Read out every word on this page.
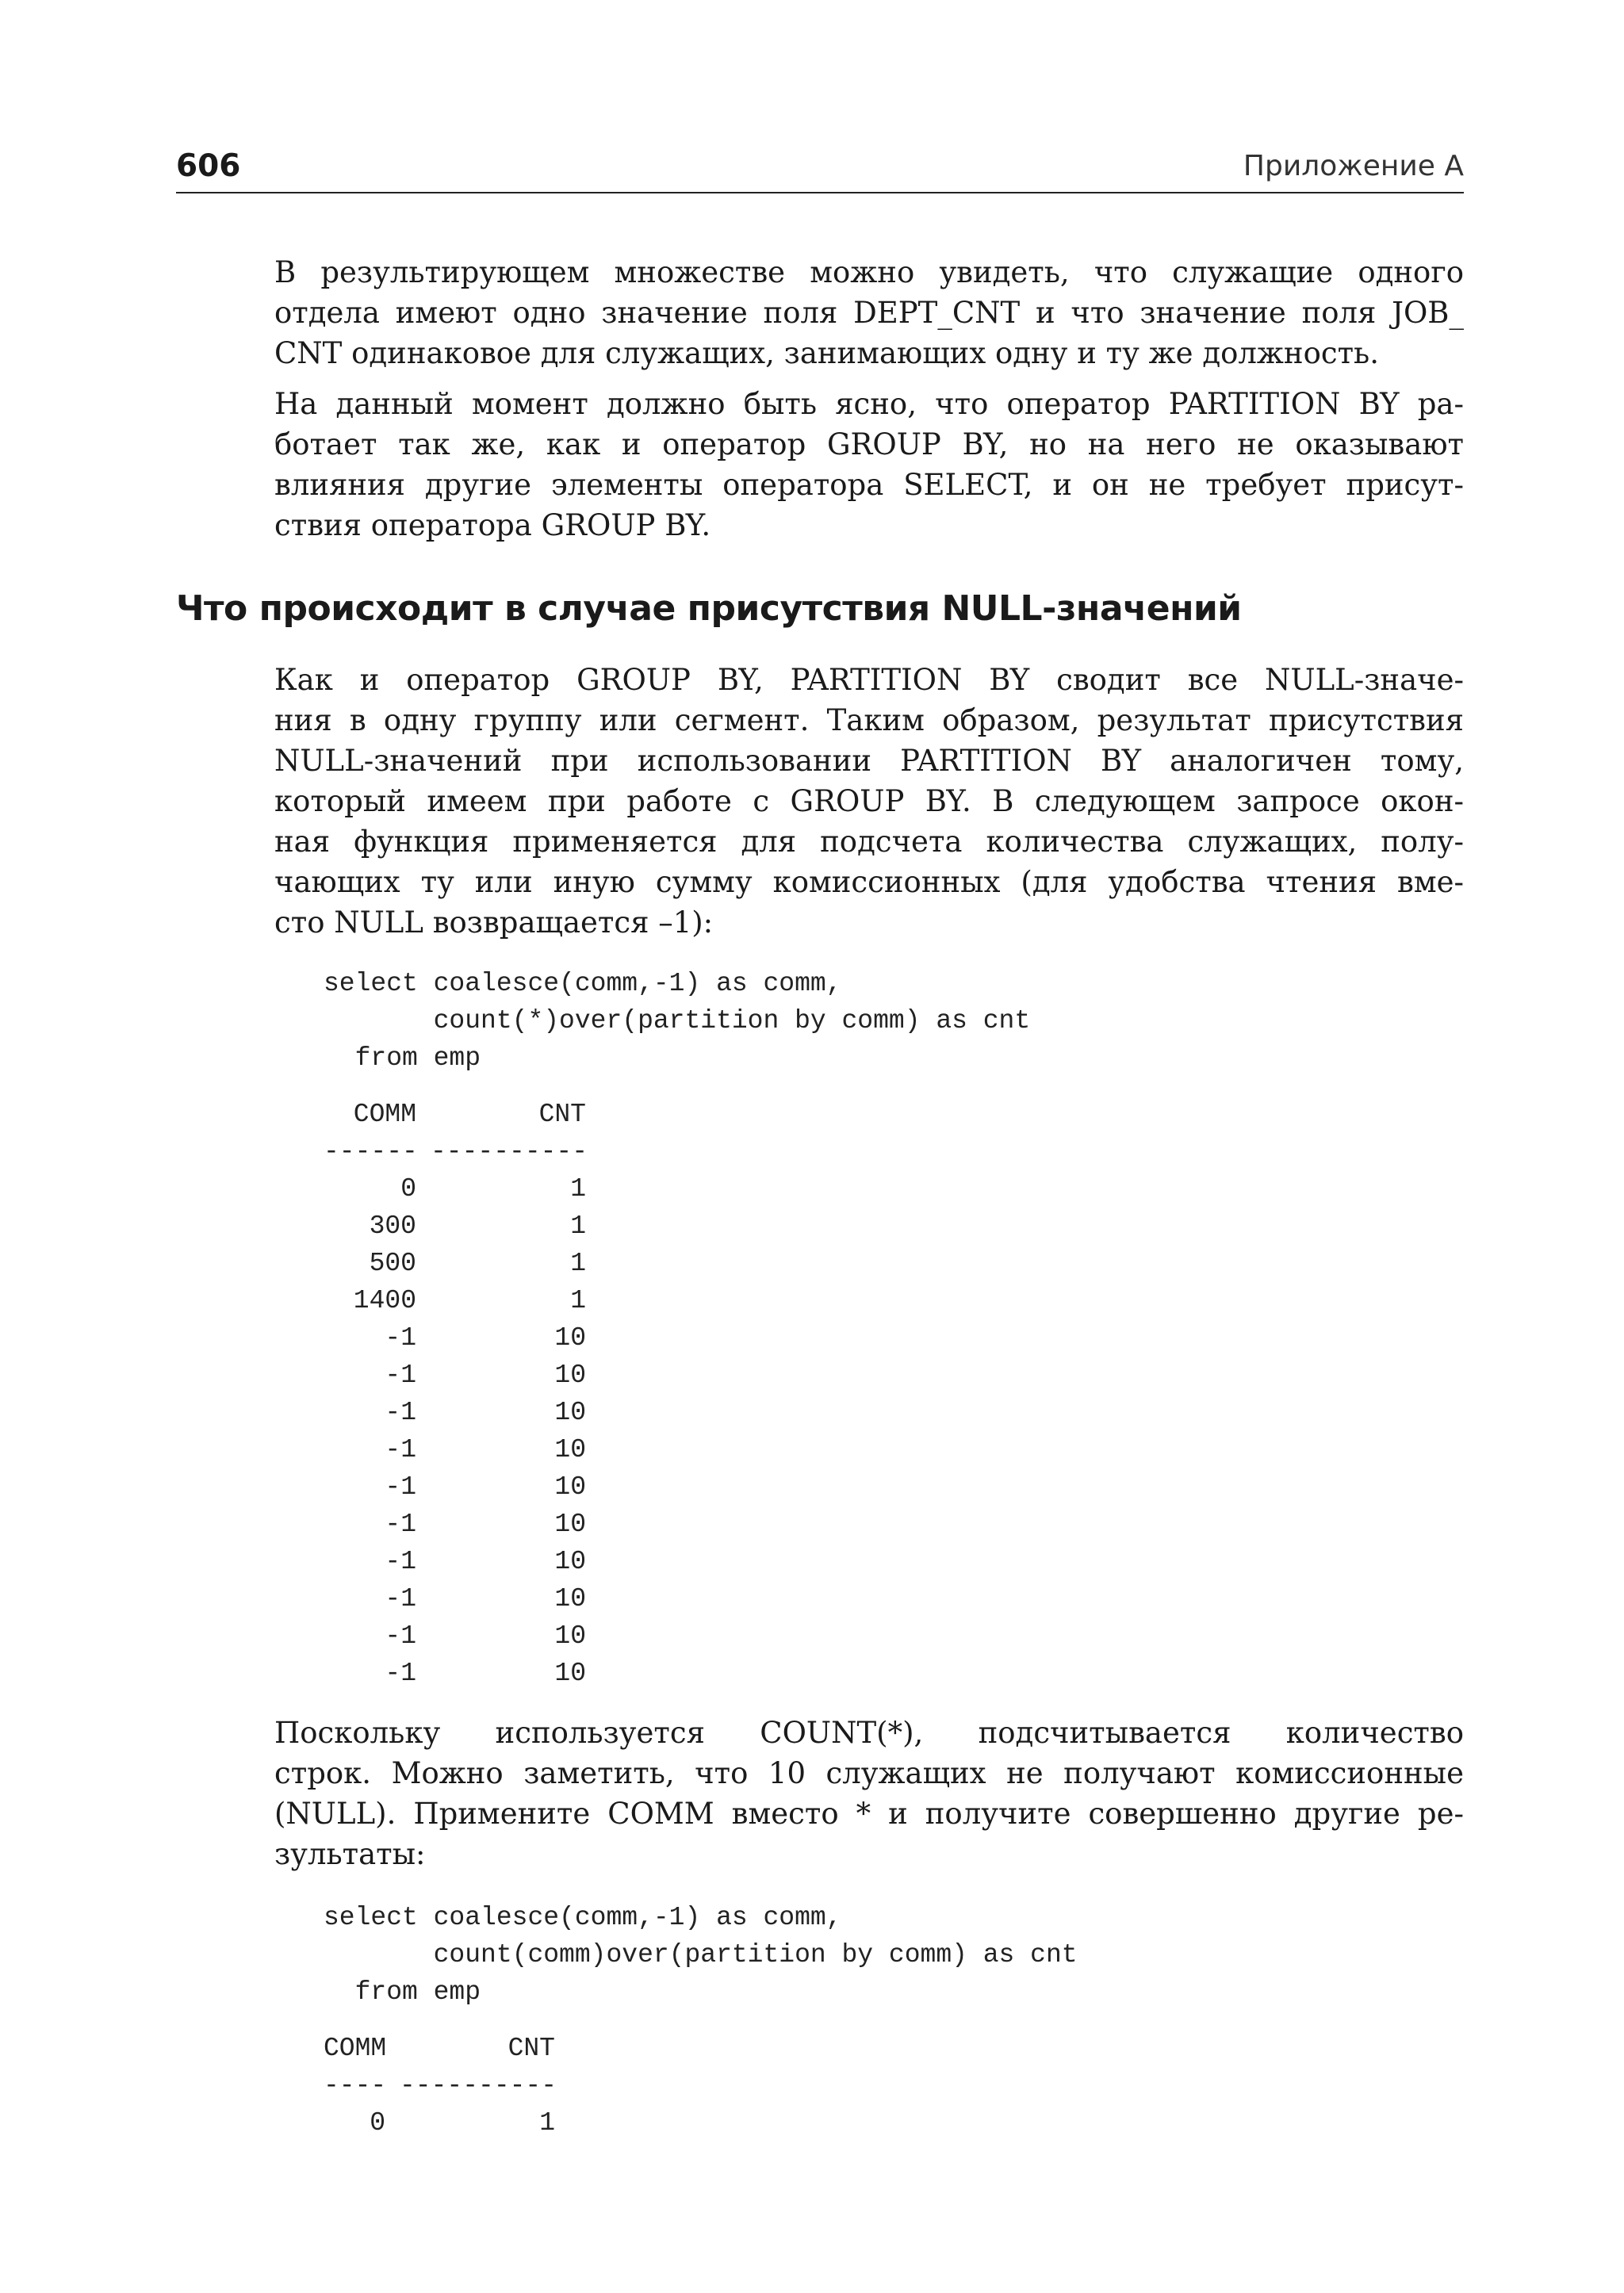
606	Приложение А

В результирующем множестве можно увидеть, что служащие одного
отдела имеют одно значение поля DEPT_CNT и что значение поля JOB_
CNT одинаковое для служащих, занимающих одну и ту же должность.

На данный момент должно быть ясно, что оператор PARTITION BY ра-
ботает так же, как и оператор GROUP BY, но на него не оказывают
влияния другие элементы оператора SELECT, и он не требует присут-
ствия оператора GROUP BY.

Что происходит в случае присутствия NULL-значений

Как и оператор GROUP BY, PARTITION BY сводит все NULL-значе-
ния в одну группу или сегмент. Таким образом, результат присутствия
NULL-значений при использовании PARTITION BY аналогичен тому,
который имеем при работе с GROUP BY. В следующем запросе окон-
ная функция применяется для подсчета количества служащих, полу-
чающих ту или иную сумму комиссионных (для удобства чтения вме-
сто NULL возвращается –1):

select coalesce(comm,-1) as comm,
count(*)over(partition by comm) as cnt
from emp
COMM	CNT
------ ----------
0	1
300	1
500	1
1400	1
-1	10
-1	10
-1	10
-1	10
-1	10
-1	10
-1	10
-1	10
-1	10
-1	10

Поскольку используется COUNT(*), подсчитывается количество
строк. Можно заметить, что 10 служащих не получают комиссионные
(NULL). Примените COMM вместо * и получите совершенно другие ре-
зультаты:

select coalesce(comm,-1) as comm,
count(comm)over(partition by comm) as cnt
from emp
COMM	CNT
---- ----------
0	1
